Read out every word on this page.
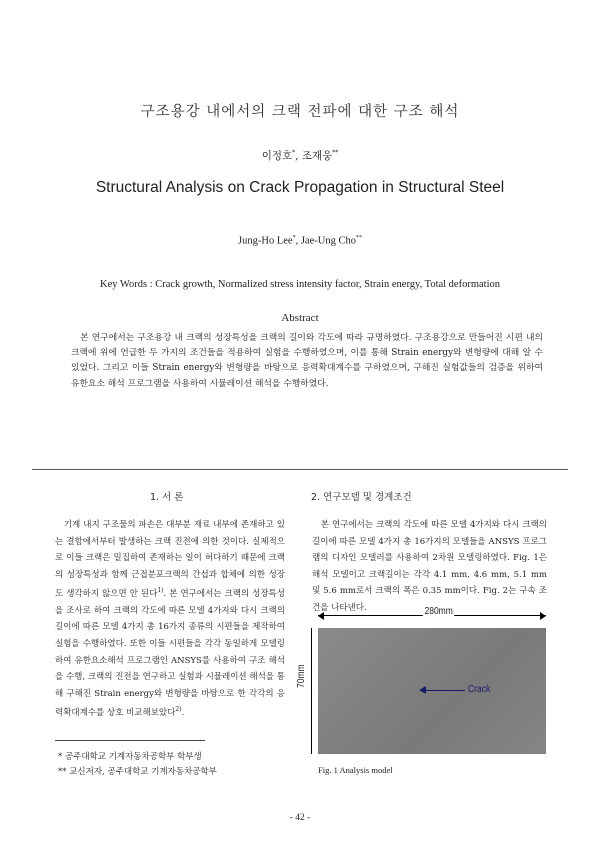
구조용강 내에서의 크랙 전파에 대한 구조 해석
이정호*, 조재웅**
Structural Analysis on Crack Propagation in Structural Steel
Jung-Ho Lee*, Jae-Ung Cho**
Key Words : Crack growth, Normalized stress intensity factor, Strain energy, Total deformation
Abstract

　본 연구에서는 구조용강 내 크랙의 성장특성을 크랙의 길이와 각도에 따라 규명하였다. 구조용강으로 만들어진 시편 내의 크랙에 위에 언급한 두 가지의 조건들을 적용하여 실험을 수행하였으며, 이를 통해 Strain energy와 변형량에 대해 알 수 있었다. 그리고 이들 Strain energy와 변형량을 바탕으로 응력확대계수를 구하였으며, 구해진 실험값들의 검증을 위하여 유한요소 해석 프로그램을 사용하여 시뮬레이션 해석을 수행하였다.

1. 서 론	2. 연구모델 및 경계조건

　기계 내지 구조물의 파손은 대부분 재료 내부에 존재하고 있는 결함에서부터 발생하는 크랙 진전에 의한 것이다. 실제적으로 이들 크랙은 밀집하여 존재하는 일이 허다하기 때문에 크랙의 성장특성과 함께 근접분포크랙의 간섭과 합체에 의한 성장도 생각하지 않으면 안 된다$^{1)}$. 본 연구에서는 크랙의 성장특성을 조사로 하여 크랙의 각도에 따른 모델 4가지와 다시 크랙의 길이에 따른 모델 4가지 총 16가지 종류의 시편들을 제작하여 실험을 수행하였다. 또한 이들 시편들을 각각 동일하게 모델링하여 유한요소해석 프로그램인 ANSYS를 사용하여 구조 해석을 수행, 크랙의 진전을 연구하고 실험과 시뮬레이션 해석을 통해 구해진 Strain energy와 변형량을 바탕으로 한 각각의 응력확대계수를 상호 비교해보았다$^{2)}$.

　본 연구에서는 크랙의 각도에 따른 모델 4가지와 다시 크랙의 길이에 따른 모델 4가지 총 16가지의 모델들을 ANSYS 프로그램의 디자인 모델러를 사용하여 2차원 모델링하였다. Fig. 1은 해석 모델이고 크랙길이는 각각 4.1 mm, 4.6 mm, 5.1 mm 및 5.6 mm로서 크랙의 폭은 0.35 mm이다. Fig. 2는 구속 조건을 나타낸다.	280mm
70mm
Crack
Fig. 1 Analysis model
* 공주대학교 기계자동차공학부 학부생
** 교신저자, 공주대학교 기계자동차공학부
- 42 -
